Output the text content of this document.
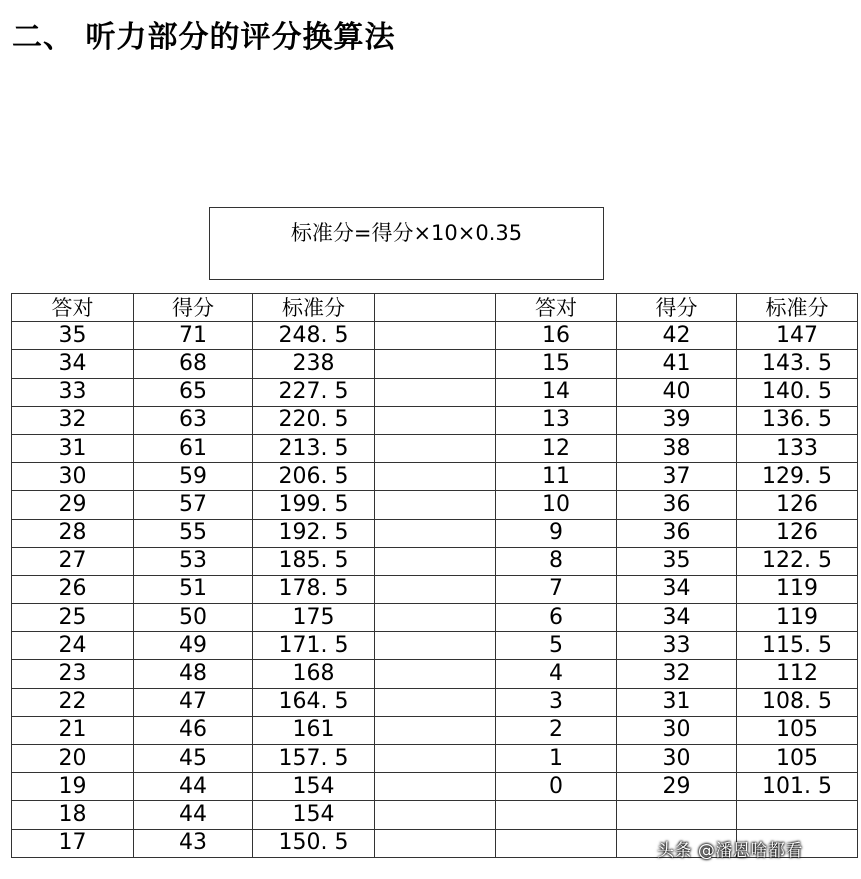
二、 听力部分的评分换算法
标准分=得分×10×0.35
答对	得分	标准分		答对	得分	标准分
35	71	248. 5		16	42	147
34	68	238		15	41	143. 5
33	65	227. 5		14	40	140. 5
32	63	220. 5		13	39	136. 5
31	61	213. 5		12	38	133
30	59	206. 5		11	37	129. 5
29	57	199. 5		10	36	126
28	55	192. 5		9	36	126
27	53	185. 5		8	35	122. 5
26	51	178. 5		7	34	119
25	50	175		6	34	119
24	49	171. 5		5	33	115. 5
23	48	168		4	32	112
22	47	164. 5		3	31	108. 5
21	46	161		2	30	105
20	45	157. 5		1	30	105
19	44	154		0	29	101. 5
18	44	154				
17	43	150. 5					头条 @潘恩啥都看
